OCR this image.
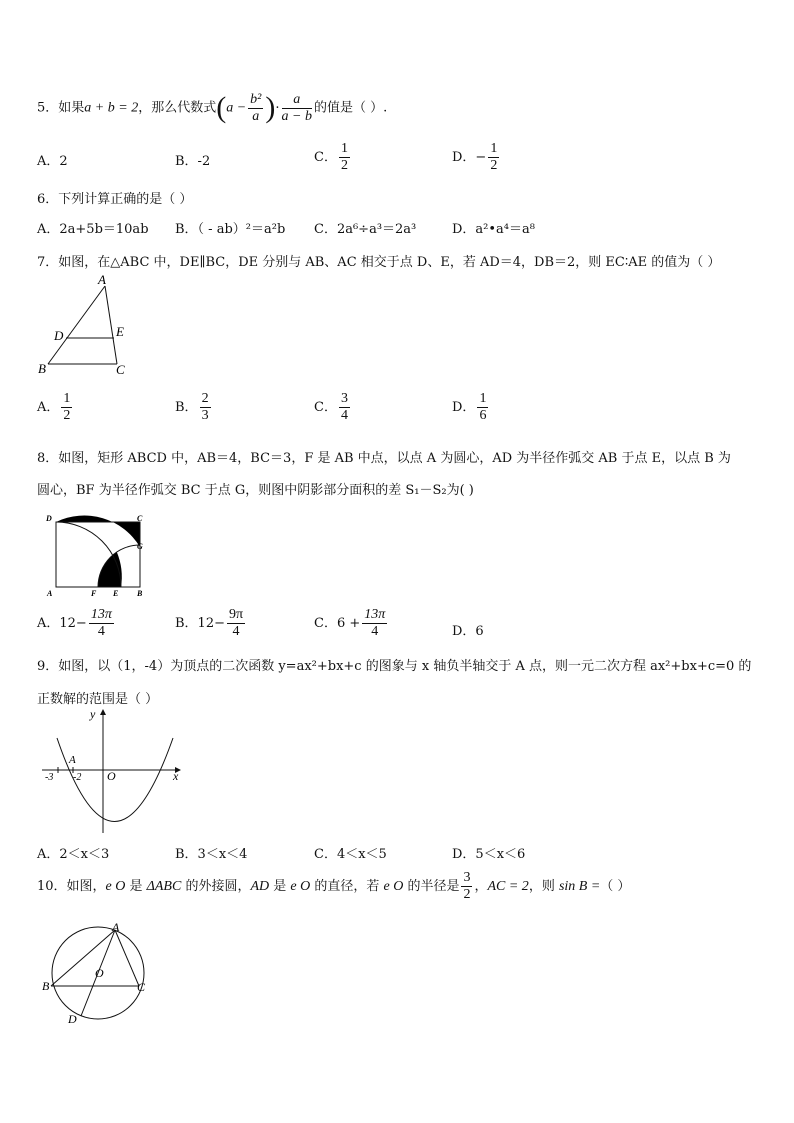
5．如果a + b = 2，那么代数式($a - \frac{\text{b²}}{a}$ )· $\frac{a}{a - b}$ 的值是（ ）.
A．2	B．-2	C． $\frac{1}{2}$	D．− $\frac{1}{2}$
6．下列计算正确的是（ ）
A．2a+5b＝10ab B．（ - ab）²＝a²b C．2a⁶÷a³＝2a³	D．a²•a⁴＝a⁸
7．如图，在△ABC 中，DE∥BC，DE 分别与 AB、AC 相交于点 D、E，若 AD＝4，DB＝2，则 EC∶AE 的值为（ ）
A
D	E
B	C
A． $\frac{1}{2}$	B． $\frac{2}{3}$	C． $\frac{3}{4}$	D． $\frac{1}{6}$
8．如图，矩形 ABCD 中，AB＝4，BC＝3，F 是 AB 中点，以点 A 为圆心，AD 为半径作弧交 AB 于点 E，以点 B 为
圆心，BF 为半径作弧交 BC 于点 G，则图中阴影部分面积的差 S₁－S₂为( )
D	C
G
A	F E B
A．$12- \frac{13\pi}{4}$	B．$12- \frac{9\pi}{4}$	C．$6 + \frac{13\pi}{4}$	D．6
9．如图，以（1，-4）为顶点的二次函数 y=ax²+bx+c 的图象与 x 轴负半轴交于 A 点，则一元二次方程 ax²+bx+c=0 的
正数解的范围是（ ）
y
x
O
A
-3 -2
A．2＜x＜3	B．3＜x＜4	C．4＜x＜5	D．5＜x＜6
10．如图，e O 是 ΔABC 的外接圆，AD 是 e O 的直径，若 e O 的半径是 $\frac{3}{2}$ ，AC = 2，则 sin B =（ ）
A
B	C
O
D
